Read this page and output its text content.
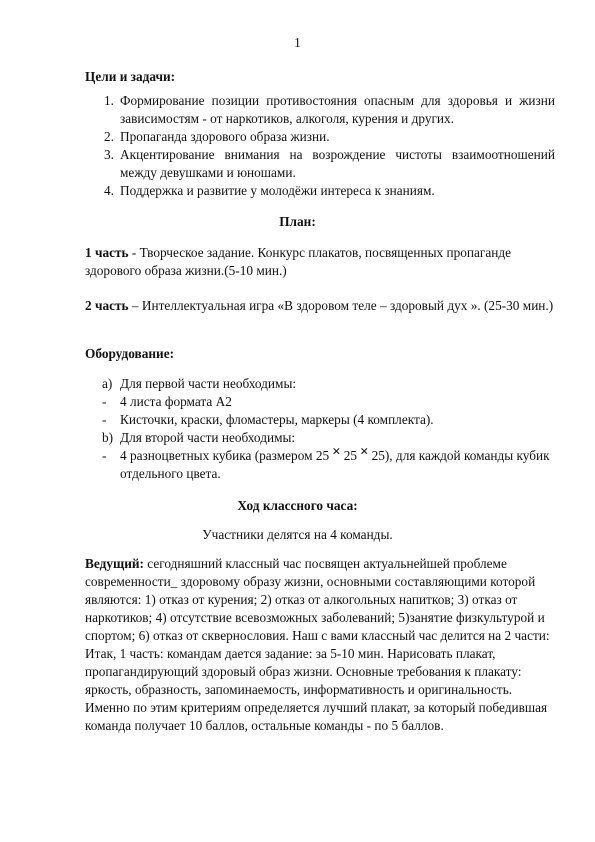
1
Цели и задачи:
1. Формирование позиции противостояния опасным для здоровья и жизни зависимостям - от наркотиков, алкоголя, курения и других.
2. Пропаганда здорового образа жизни.
3. Акцентирование внимания на возрождение чистоты взаимоотношений между девушками и юношами.
4. Поддержка и развитие у молодёжи интереса к знаниям.
План:
1 часть - Творческое задание. Конкурс плакатов, посвященных пропаганде здорового образа жизни.(5-10 мин.)
2 часть – Интеллектуальная игра «В здоровом теле – здоровый дух ». (25-30 мин.)
Оборудование:
a) Для первой части необходимы:
- 4 листа формата А2
- Кисточки, краски, фломастеры, маркеры (4 комплекта).
b) Для второй части необходимы:
- 4 разноцветных кубика (размером 25 × 25 × 25), для каждой команды кубик отдельного цвета.
Ход классного часа:
Участники делятся на 4 команды.
Ведущий: сегодняшний классный час посвящен актуальнейшей проблеме современности_ здоровому образу жизни, основными составляющими которой являются: 1) отказ от курения; 2) отказ от алкогольных напитков; 3) отказ от наркотиков; 4) отсутствие всевозможных заболеваний; 5)занятие физкультурой и спортом; 6) отказ от сквернословия. Наш с вами классный час делится на 2 части: Итак, 1 часть: командам дается задание: за 5-10 мин. Нарисовать плакат, пропагандирующий здоровый образ жизни. Основные требования к плакату: яркость, образность, запоминаемость, информативность и оригинальность. Именно по этим критериям определяется лучший плакат, за который победившая команда получает 10 баллов, остальные команды - по 5 баллов.
